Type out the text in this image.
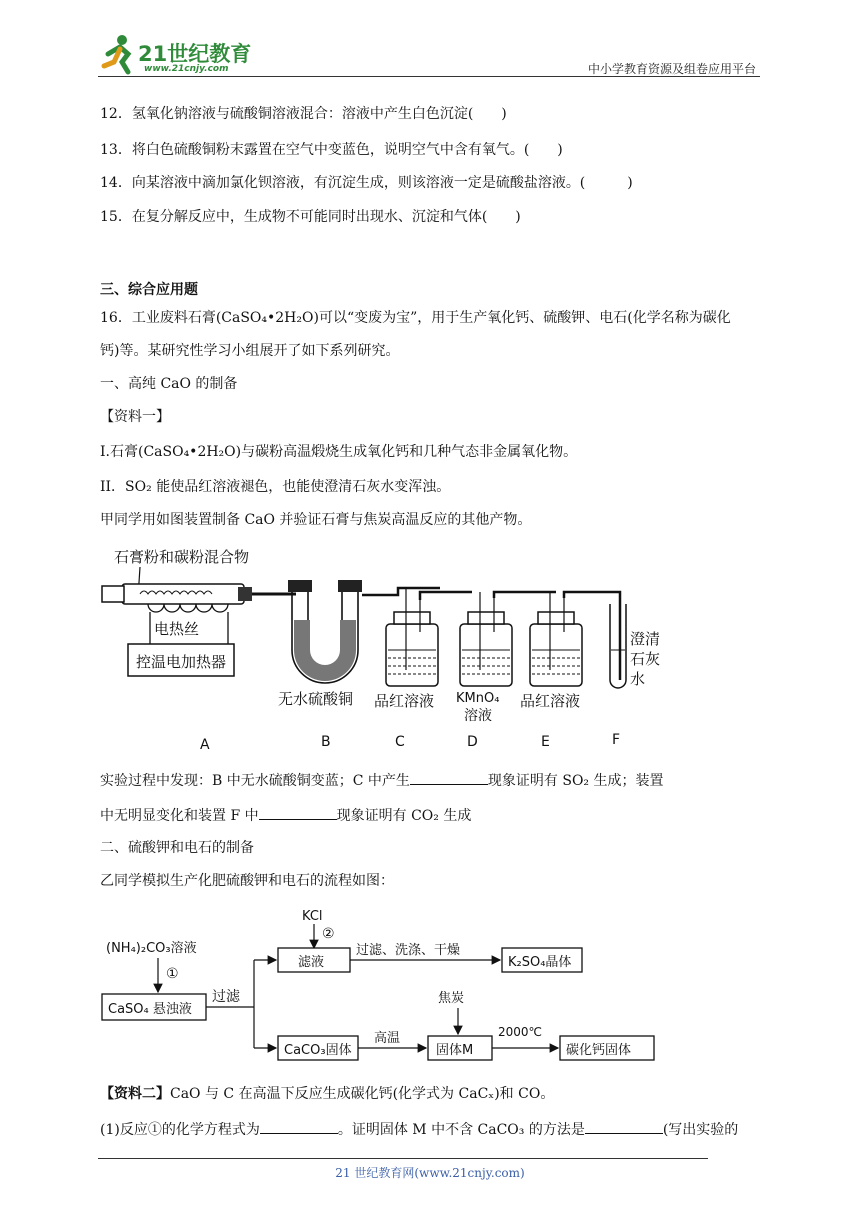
21世纪教育
www.21cnjy.com	中小学教育资源及组卷应用平台
12．氢氧化钠溶液与硫酸铜溶液混合：溶液中产生白色沉淀(　　)
13．将白色硫酸铜粉末露置在空气中变蓝色，说明空气中含有氧气。(　　)
14．向某溶液中滴加氯化钡溶液，有沉淀生成，则该溶液一定是硫酸盐溶液。(　　　)
15．在复分解反应中，生成物不可能同时出现水、沉淀和气体(　　)
三、综合应用题
16．工业废料石膏(CaSO₄•2H₂O)可以“变废为宝”，用于生产氧化钙、硫酸钾、电石(化学名称为碳化
钙)等。某研究性学习小组展开了如下系列研究。
一、高纯 CaO 的制备
【资料一】
I.石膏(CaSO₄•2H₂O)与碳粉高温煅烧生成氧化钙和几种气态非金属氧化物。
II．SO₂ 能使品红溶液褪色，也能使澄清石灰水变浑浊。
甲同学用如图装置制备 CaO 并验证石膏与焦炭高温反应的其他产物。
石膏粉和碳粉混合物
电热丝
控温电加热器
无水硫酸铜 品红溶液 KMnO₄
溶液
品红溶液
澄清
石灰
水
A	B	C	D	E	F
实验过程中发现：B 中无水硫酸铜变蓝；C 中产生	现象证明有 SO₂ 生成；装置
中无明显变化和装置 F 中	现象证明有 CO₂ 生成
二、硫酸钾和电石的制备
乙同学模拟生产化肥硫酸钾和电石的流程如图：
(NH₄)₂CO₃溶液
①
CaSO₄ 悬浊液
过滤
KCl
②
滤液
过滤、洗涤、干燥
K₂SO₄晶体
CaCO₃固体
高温
焦炭
固体M
2000℃
碳化钙固体
【资料二】CaO 与 C 在高温下反应生成碳化钙(化学式为 CaCₓ)和 CO。
(1)反应①的化学方程式为	。证明固体 M 中不含 CaCO₃ 的方法是	(写出实验的
21 世纪教育网(www.21cnjy.com)
